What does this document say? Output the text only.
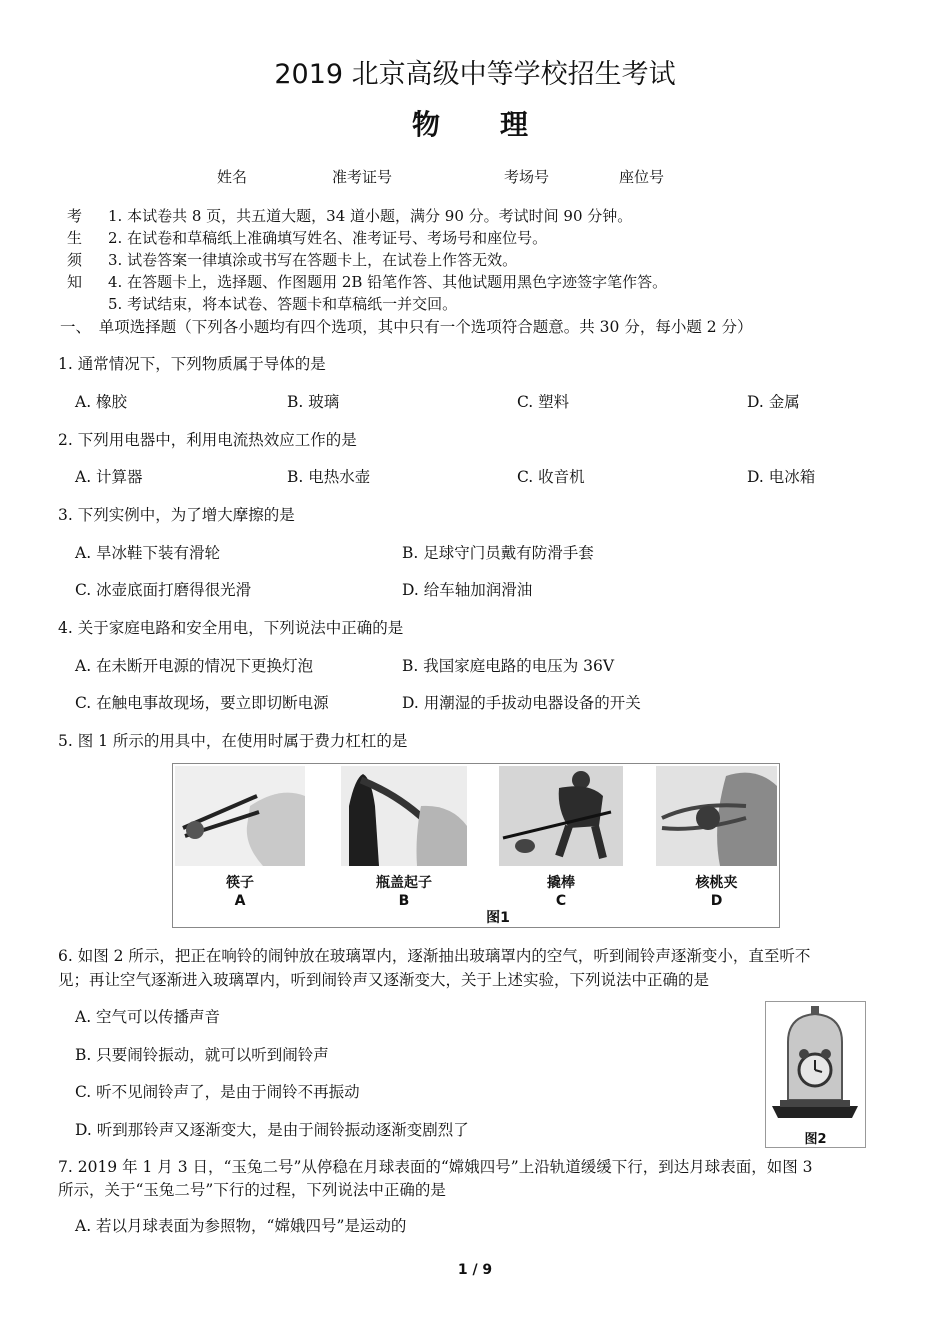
2019 北京高级中等学校招生考试
物理
姓名	准考证号	考场号	座位号
考
生
须
知
1. 本试卷共 8 页，共五道大题，34 道小题，满分 90 分。考试时间 90 分钟。
2. 在试卷和草稿纸上准确填写姓名、准考证号、考场号和座位号。
3. 试卷答案一律填涂或书写在答题卡上，在试卷上作答无效。
4. 在答题卡上，选择题、作图题用 2B 铅笔作答、其他试题用黑色字迹签字笔作答。
5. 考试结束，将本试卷、答题卡和草稿纸一并交回。
一、　单项选择题（下列各小题均有四个选项，其中只有一个选项符合题意。共 30 分，每小题 2 分）
1. 通常情况下，下列物质属于导体的是
A. 橡胶	B. 玻璃	C. 塑料	D. 金属
2. 下列用电器中，利用电流热效应工作的是
A. 计算器	B. 电热水壶	C. 收音机	D. 电冰箱
3. 下列实例中，为了增大摩擦的是
A. 旱冰鞋下装有滑轮	B. 足球守门员戴有防滑手套
C. 冰壶底面打磨得很光滑	D. 给车轴加润滑油
4. 关于家庭电路和安全用电，下列说法中正确的是
A. 在未断开电源的情况下更换灯泡	B. 我国家庭电路的电压为 36V
C. 在触电事故现场，要立即切断电源	D. 用潮湿的手拔动电器设备的开关
5. 图 1 所示的用具中，在使用时属于费力杠杠的是
筷子	瓶盖起子	撬棒	核桃夹
A	B	C	D
图1
6. 如图 2 所示，把正在响铃的闹钟放在玻璃罩内，逐渐抽出玻璃罩内的空气，听到闹铃声逐渐变小，直至听不
见；再让空气逐渐进入玻璃罩内，听到闹铃声又逐渐变大，关于上述实验，下列说法中正确的是
A. 空气可以传播声音
B. 只要闹铃振动，就可以听到闹铃声
C. 听不见闹铃声了，是由于闹铃不再振动
D. 听到那铃声又逐渐变大，是由于闹铃振动逐渐变剧烈了
图2
7. 2019 年 1 月 3 日，“玉兔二号”从停稳在月球表面的“嫦娥四号”上沿轨道缓缓下行，到达月球表面，如图 3
所示，关于“玉兔二号”下行的过程，下列说法中正确的是
A. 若以月球表面为参照物，“嫦娥四号”是运动的
1 / 9
